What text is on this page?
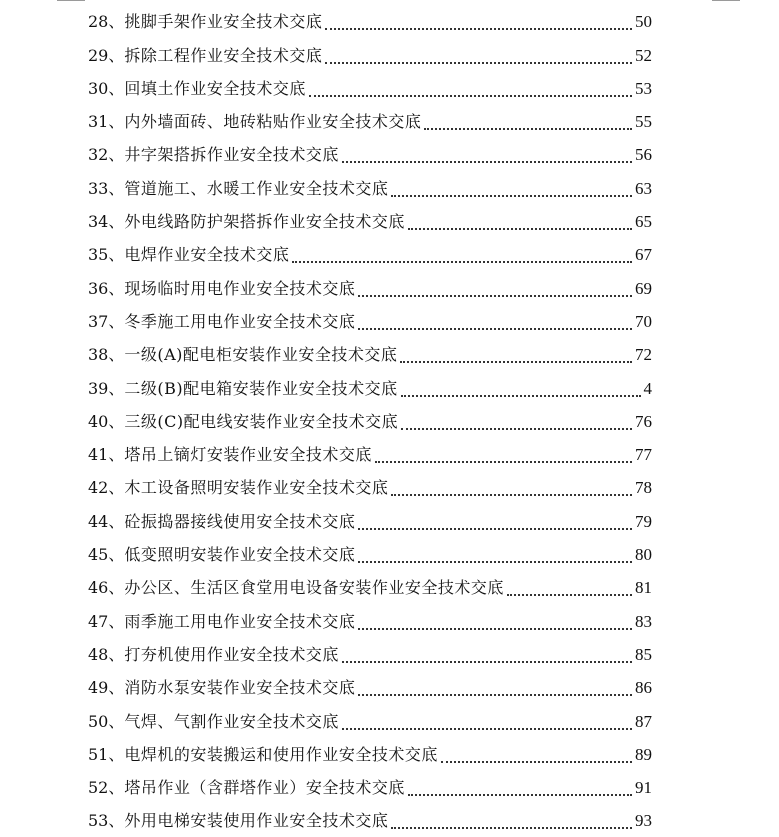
28、 挑脚手架作业安全技术交底	50
29、 拆除工程作业安全技术交底	52
30、 回填土作业安全技术交底	53
31、 内外墙面砖、地砖粘贴作业安全技术交底	55
32、 井字架搭拆作业安全技术交底	56
33、 管道施工、水暖工作业安全技术交底	63
34、 外电线路防护架搭拆作业安全技术交底	65
35、 电焊作业安全技术交底	67
36、 现场临时用电作业安全技术交底	69
37、 冬季施工用电作业安全技术交底	70
38、 一级(A)配电柜安装作业安全技术交底	72
39、 二级(B)配电箱安装作业安全技术交底	4
40、 三级(C)配电线安装作业安全技术交底	76
41、 塔吊上镝灯安装作业安全技术交底	77
42、 木工设备照明安装作业安全技术交底	78
44、 砼振捣器接线使用安全技术交底	79
45、 低变照明安装作业安全技术交底	80
46、 办公区、生活区食堂用电设备安装作业安全技术交底	81
47、 雨季施工用电作业安全技术交底	83
48、 打夯机使用作业安全技术交底	85
49、 消防水泵安装作业安全技术交底	86
50、 气焊、气割作业安全技术交底	87
51、 电焊机的安装搬运和使用作业安全技术交底	89
52、 塔吊作业（含群塔作业）安全技术交底	91
53、 外用电梯安装使用作业安全技术交底	93
